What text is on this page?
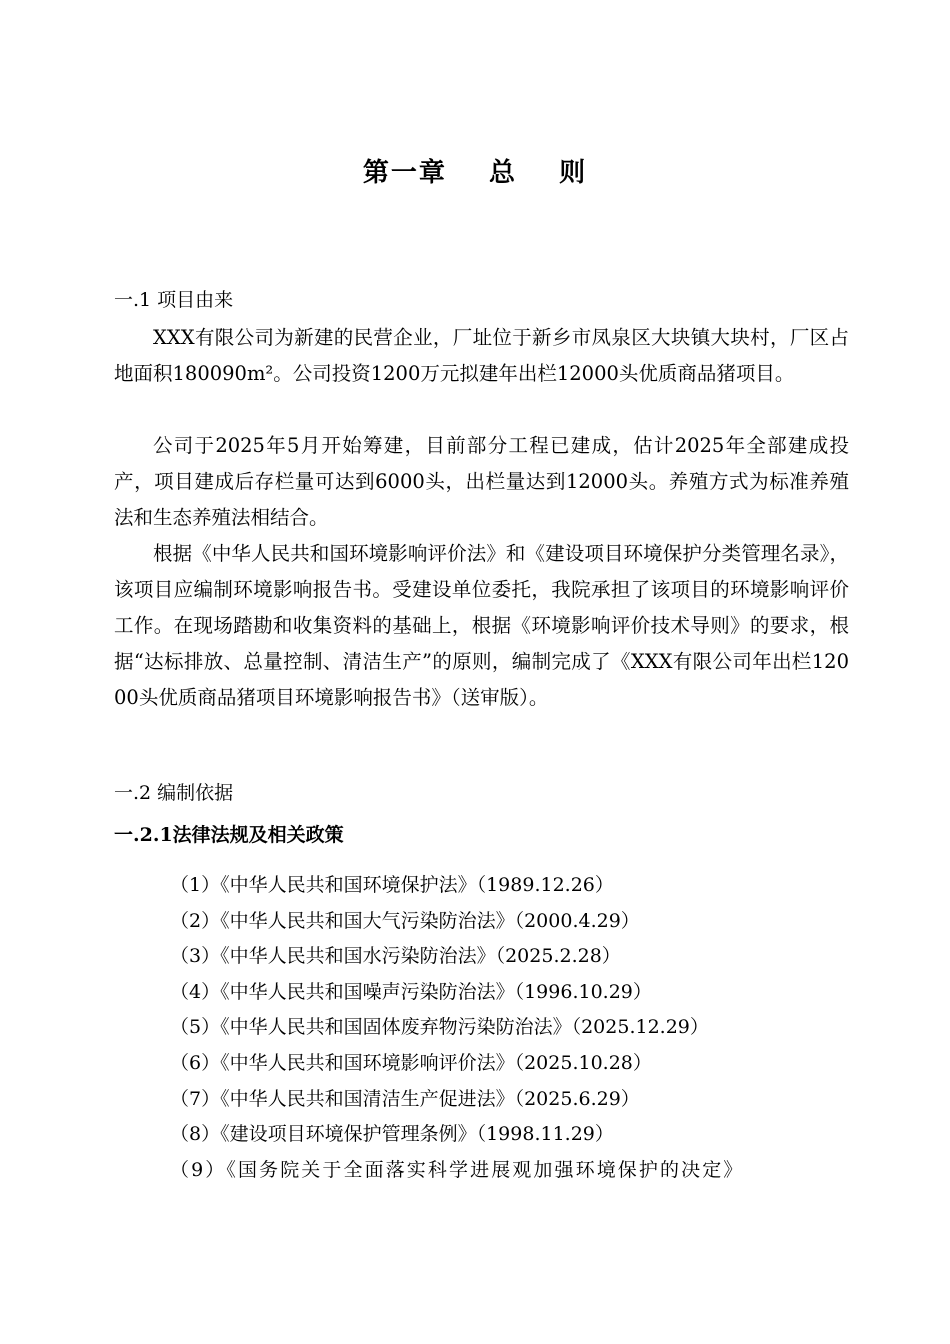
第一章  总  则
一.1 项目由来

XXX有限公司为新建的民营企业，厂址位于新乡市凤泉区大块镇大块村，厂区占地面积180090m²。公司投资1200万元拟建年出栏12000头优质商品猪项目。

公司于2025年5月开始筹建，目前部分工程已建成，估计2025年全部建成投产，项目建成后存栏量可达到6000头，出栏量达到12000头。养殖方式为标准养殖法和生态养殖法相结合。

根据《中华人民共和国环境影响评价法》和《建设项目环境保护分类管理名录》，该项目应编制环境影响报告书。受建设单位委托，我院承担了该项目的环境影响评价工作。在现场踏勘和收集资料的基础上，根据《环境影响评价技术导则》的要求，根据“达标排放、总量控制、清洁生产”的原则，编制完成了《XXX有限公司年出栏12000头优质商品猪项目环境影响报告书》（送审版）。

一.2 编制依据
一.2.1法律法规及相关政策
（1）《中华人民共和国环境保护法》（1989.12.26）
（2）《中华人民共和国大气污染防治法》（2000.4.29）
（3）《中华人民共和国水污染防治法》（2025.2.28）
（4）《中华人民共和国噪声污染防治法》（1996.10.29）
（5）《中华人民共和国固体废弃物污染防治法》（2025.12.29）
（6）《中华人民共和国环境影响评价法》（2025.10.28）
（7）《中华人民共和国清洁生产促进法》（2025.6.29）
（8）《建设项目环境保护管理条例》（1998.11.29）
（9）《国务院关于全面落实科学进展观加强环境保护的决定》
